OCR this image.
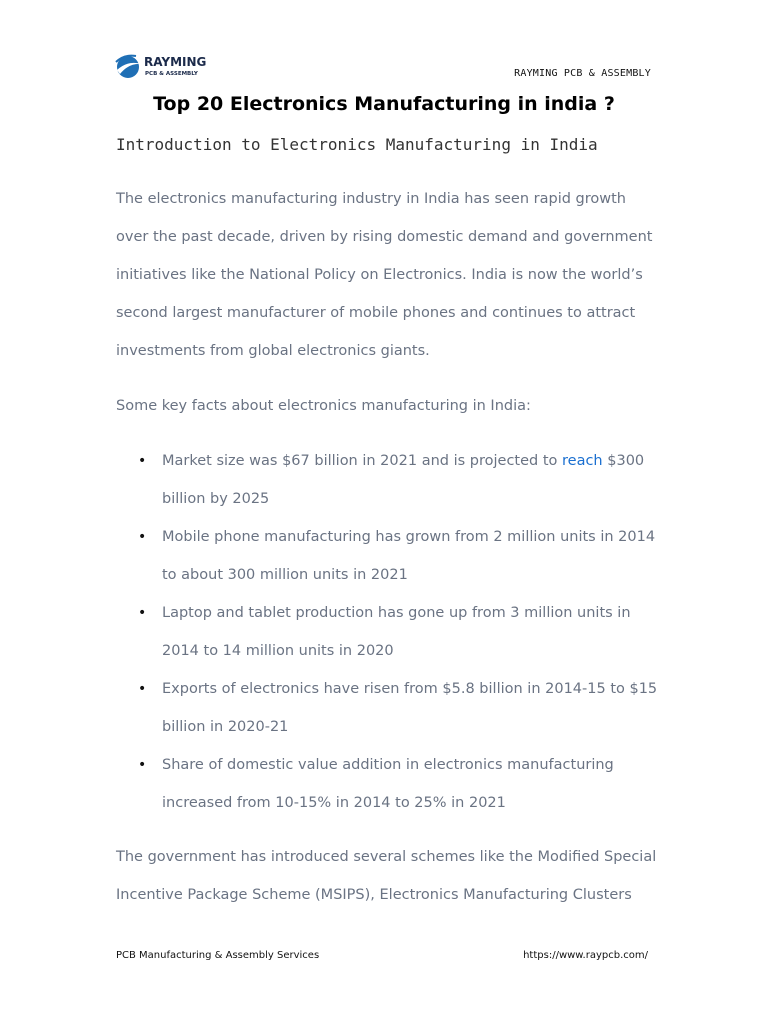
RAYMING
PCB & ASSEMBLY	RAYMING PCB & ASSEMBLY
Top 20 Electronics Manufacturing in india ?
Introduction to Electronics Manufacturing in India

The electronics manufacturing industry in India has seen rapid growth over the past decade, driven by rising domestic demand and government initiatives like the National Policy on Electronics. India is now the world’s second largest manufacturer of mobile phones and continues to attract investments from global electronics giants.

Some key facts about electronics manufacturing in India:

• Market size was $67 billion in 2021 and is projected to reach $300 billion by 2025
• Mobile phone manufacturing has grown from 2 million units in 2014 to about 300 million units in 2021
• Laptop and tablet production has gone up from 3 million units in 2014 to 14 million units in 2020
• Exports of electronics have risen from $5.8 billion in 2014-15 to $15 billion in 2020-21
• Share of domestic value addition in electronics manufacturing increased from 10-15% in 2014 to 25% in 2021

The government has introduced several schemes like the Modified Special Incentive Package Scheme (MSIPS), Electronics Manufacturing Clusters

PCB Manufacturing & Assembly Services	https://www.raypcb.com/
